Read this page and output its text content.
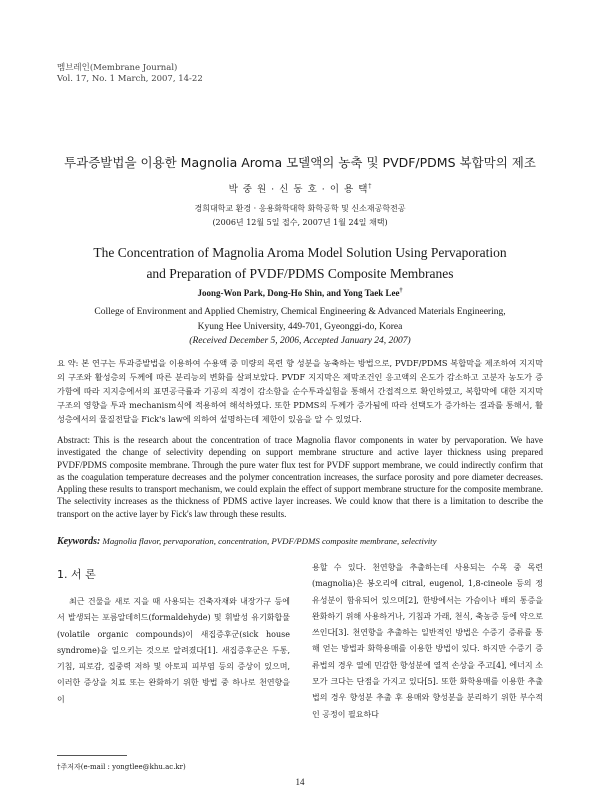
멤브레인(Membrane Journal)
Vol. 17, No. 1 March, 2007, 14-22
투과증발법을 이용한 Magnolia Aroma 모델액의 농축 및 PVDF/PDMS 복합막의 제조
박 중 원 · 신 동 호 · 이 용 택†
경희대학교 환경 · 응용화학대학 화학공학 및 신소재공학전공
(2006년 12월 5일 접수, 2007년 1월 24일 채택)
The Concentration of Magnolia Aroma Model Solution Using Pervaporation
and Preparation of PVDF/PDMS Composite Membranes
Joong-Won Park, Dong-Ho Shin, and Yong Taek Lee†
College of Environment and Applied Chemistry, Chemical Engineering & Advanced Materials Engineering,
Kyung Hee University, 449-701, Gyeonggi-do, Korea
(Received December 5, 2006, Accepted January 24, 2007)
요 약: 본 연구는 투과증발법을 이용하여 수용액 중 미량의 목련 향 성분을 농축하는 방법으로, PVDF/PDMS 복합막을 제조하여 지지막의 구조와 활성층의 두께에 따른 분리능의 변화를 살펴보았다. PVDF 지지막은 제막조건인 응고액의 온도가 감소하고 고분자 농도가 증가함에 따라 지지층에서의 표면공극률과 기공의 직경이 감소함을 순수투과실험을 통해서 간접적으로 확인하였고, 복합막에 대한 지지막 구조의 영향을 투과 mechanism식에 적용하여 해석하였다. 또한 PDMS의 두께가 증가됨에 따라 선택도가 증가하는 결과를 통해서, 활성층에서의 물질전달을 Fick's law에 의하여 설명하는데 제한이 있음을 알 수 있었다.
Abstract: This is the research about the concentration of trace Magnolia flavor components in water by pervaporation. We have investigated the change of selectivity depending on support membrane structure and active layer thickness using prepared PVDF/PDMS composite membrane. Through the pure water flux test for PVDF support membrane, we could indirectly confirm that as the coagulation temperature decreases and the polymer concentration increases, the surface porosity and pore diameter decreases. Appling these results to transport mechanism, we could explain the effect of support membrane structure for the composite membrane. The selectivity increases as the thickness of PDMS active layer increases. We could know that there is a limitation to describe the transport on the active layer by Fick's law through these results.
Keywords: Magnolia flavor, pervaporation, concentration, PVDF/PDMS composite membrane, selectivity
1. 서 론
최근 건물을 새로 지을 때 사용되는 건축자재와 내장가구 등에서 발생되는 포름알데히드(formaldehyde) 및 휘발성 유기화합물(volatile organic compounds)이 새집증후군(sick house syndrome)을 일으키는 것으로 알려졌다[1]. 새집증후군은 두통, 기침, 피로감, 집중력 저하 및 아토피 피부염 등의 증상이 있으며, 이러한 증상을 치료 또는 완화하기 위한 방법 중 하나로 천연향을 이
용할 수 있다. 천연향을 추출하는데 사용되는 수목 중 목련(magnolia)은 봉오리에 citral, eugenol, 1,8-cineole 등의 정유성분이 함유되어 있으며[2], 한방에서는 가슴이나 배의 통증을 완화하기 위해 사용하거나, 기침과 가래, 천식, 축농증 등에 약으로 쓰인다[3]. 천연향을 추출하는 일반적인 방법은 수증기 증류를 통해 얻는 방법과 화학용매를 이용한 방법이 있다. 하지만 수증기 증류법의 경우 열에 민감한 향성분에 열적 손상을 주고[4], 에너지 소모가 크다는 단점을 가지고 있다[5]. 또한 화학용매를 이용한 추출법의 경우 향성분 추출 후 용매와 향성분을 분리하기 위한 부수적인 공정이 필요하다
†주저자(e-mail : yongtlee@khu.ac.kr)
14
